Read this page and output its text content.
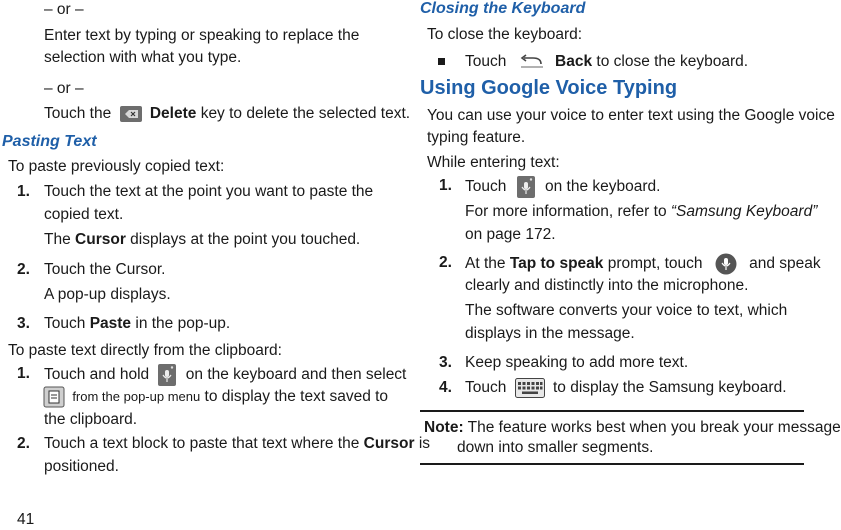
– or –
Enter text by typing or speaking to replace the
selection with what you type.
– or –
Touch the Delete key to delete the selected text.
Pasting Text
To paste previously copied text:
1. Touch the text at the point you want to paste the
copied text.
The Cursor displays at the point you touched.
2. Touch the Cursor.
A pop-up displays.
3. Touch Paste in the pop-up.
To paste text directly from the clipboard:
1. Touch and hold on the keyboard and then select
from the pop-up menu to display the text saved to
the clipboard.
2. Touch a text block to paste that text where the Cursor is
positioned.
41
Closing the Keyboard
To close the keyboard:
Touch	Back to close the keyboard.
Using Google Voice Typing
You can use your voice to enter text using the Google voice
typing feature.
While entering text:
1. Touch on the keyboard.
For more information, refer to “Samsung Keyboard”
on page 172.
2. At the Tap to speak prompt, touch	and speak
clearly and distinctly into the microphone.
The software converts your voice to text, which
displays in the message.
3. Keep speaking to add more text.
4. Touch	to display the Samsung keyboard.
Note: The feature works best when you break your message
down into smaller segments.
